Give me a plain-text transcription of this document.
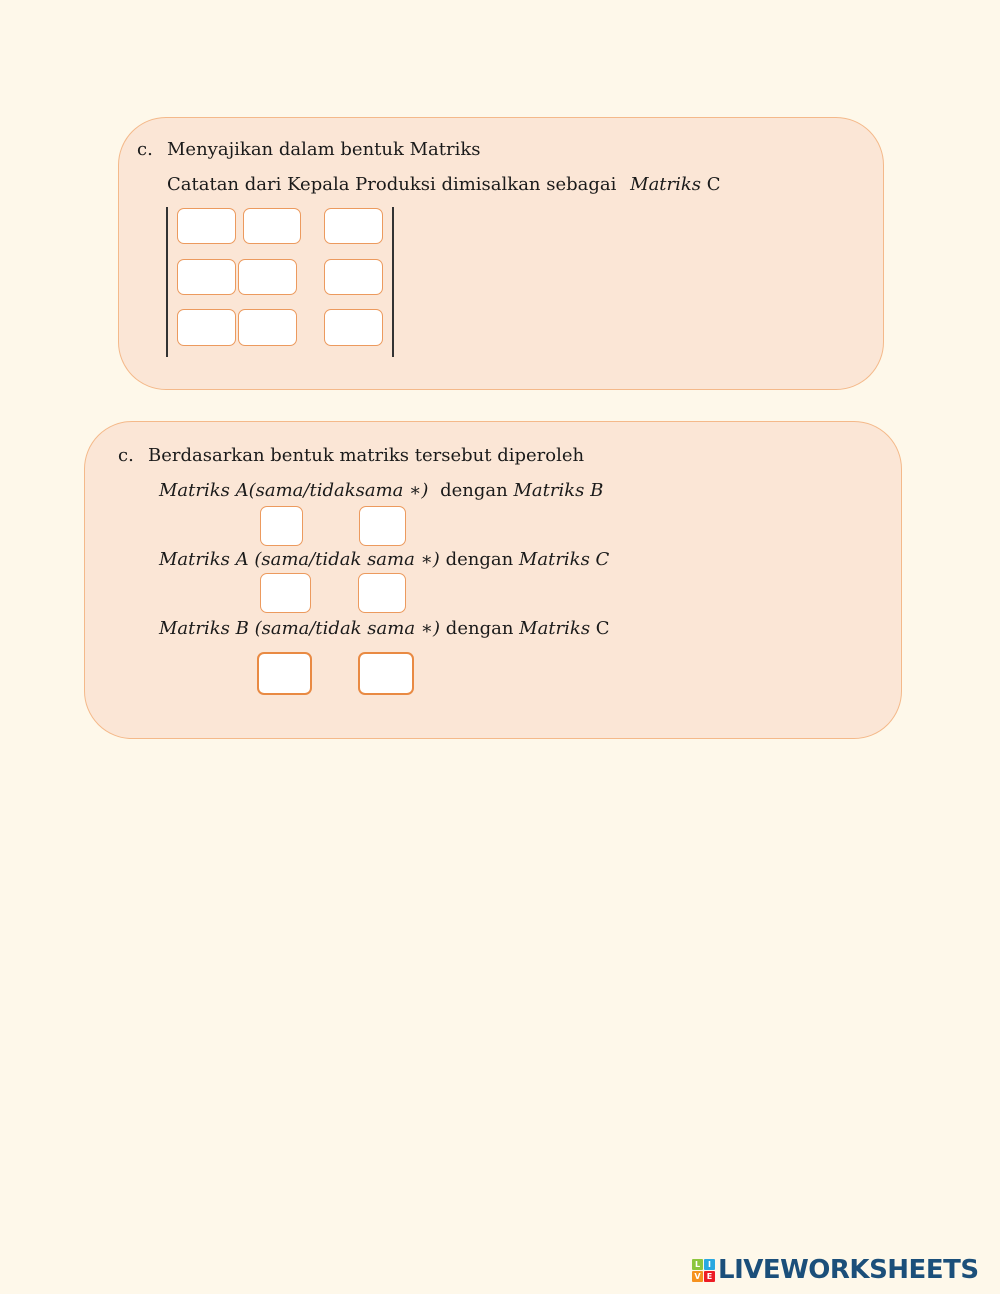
c. Menyajikan dalam bentuk Matriks
Catatan dari Kepala Produksi dimisalkan sebagai Matriks C
c. Berdasarkan bentuk matriks tersebut diperoleh
Matriks A(sama/tidaksama ∗) dengan Matriks B
Matriks A (sama/tidak sama ∗) dengan Matriks C
Matriks B (sama/tidak sama ∗) dengan Matriks C
L I
V E LIVEWORKSHEETS
